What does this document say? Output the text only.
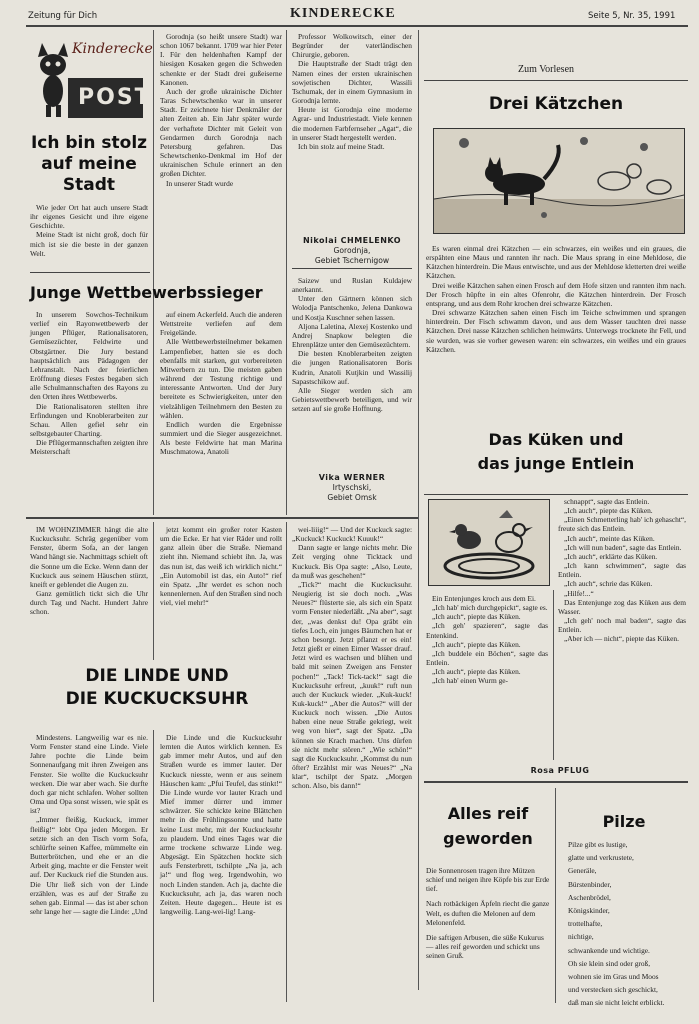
Zeitung für Dich	KINDERECKE	Seite 5, Nr. 35, 1991
Kinderecke
POST
Ich bin stolz auf meine Stadt

Wie jeder Ort hat auch unsere Stadt ihr eigenes Gesicht und ihre eigene Geschichte.

Meine Stadt ist nicht groß, doch für mich ist sie die beste in der ganzen Welt.

Gorodnja (so heißt unsere Stadt) war schon 1067 bekannt. 1709 war hier Peter I. Für den heldenhaften Kampf der hiesigen Kosaken gegen die Schweden schenkte er der Stadt drei gußeiserne Kanonen.

Auch der große ukrainische Dichter Taras Schewtschenko war in unserer Stadt. Er zeichnete hier Denkmäler der alten Zeiten ab. Ein Jahr später wurde der verhaftete Dichter mit Geleit von Gendarmen durch Gorodnja nach Petersburg gefahren. Das Schewtschenko-Denkmal im Hof der ukrainischen Schule erinnert an den großen Dichter.

In unserer Stadt wurde

Professor Wolkowitsch, einer der Begründer der vaterländischen Chirurgie, geboren.

Die Hauptstraße der Stadt trägt den Namen eines der ersten ukrainischen sowjetischen Dichter, Wassili Tschumak, der in einem Gymnasium in Gorodnja lernte.

Heute ist Gorodnja eine moderne Agrar- und Industriestadt. Viele kennen die modernen Farbfernseher „Agat“, die in unserer Stadt hergestellt werden.

Ich bin stolz auf meine Stadt.

Nikolai CHMELENKO
Gorodnja,
Gebiet Tschernigow
Junge Wettbewerbssieger

In unserem Sowchos-Technikum verlief ein Rayonwettbewerb der jungen Pflüger, Rationalisatoren, Gemüsezüchter, Feldwirte und Obstgärtner. Die Jury bestand hauptsächlich aus Pädagogen der Lehranstalt. Nach der feierlichen Eröffnung dieses Festes begaben sich alle Schulmannschaften des Rayons zu den Orten ihres Wettbewerbs.

Die Rationalisatoren stellten ihre Erfindungen und Knoblerarbeiten zur Schau. Allen gefiel sehr ein selbstgebauter Charting.

Die Pflügermannschaften zeigten ihre Meisterschaft

auf einem Ackerfeld. Auch die anderen Wettstreite verliefen auf dem Freigelände.

Alle Wettbewerbsteilnehmer bekamen Lampenfieber, hatten sie es doch ebenfalls mit starken, gut vorbereiteten Mitwerbern zu tun. Die meisten gaben während der Testung richtige und interessante Antworten. Und der Jury bereitete es Schwierigkeiten, unter den vielzähligen Teilnehmern den Besten zu wählen.

Endlich wurden die Ergebnisse summiert und die Sieger ausgezeichnet. Als beste Feldwirte hat man Marina Muschmatowa, Anatoli

Saizew und Ruslan Kuldajew anerkannt.

Unter den Gärtnern können sich Wolodja Pantschenko, Jelena Dankowa und Kostja Kuschner sehen lassen.

Aljona Laletina, Alexej Kostenko und Andrej Snapkow belegten die Ehrenplätze unter den Gemüsezüchtern.

Die besten Knoblerarbeiten zeigten die jungen Rationalisatoren Boris Kudrin, Anatoli Kutjkin und Wassilij Sapastschikow auf.

Alle Sieger werden sich am Gebietswettbewerb beteiligen, und wir setzen auf sie große Hoffnung.

Vika WERNER
Irtyschski,
Gebiet Omsk

IM WOHNZIMMER hängt die alte Kuckucksuhr. Schräg gegenüber vom Fenster, überm Sofa, an der langen Wand hängt sie. Nachmittags schielt oft die Sonne um die Ecke. Wenn dann der Kuckuck aus seinem Häuschen stürzt, kneift er geblendet die Augen zu.

Ganz gemütlich tickt sich die Uhr durch Tag und Nacht. Hundert Jahre schon.

jetzt kommt ein großer roter Kasten um die Ecke. Er hat vier Räder und rollt ganz allein über die Straße. Niemand zieht ihn. Niemand schiebt ihn. Ja, was das nun ist, das weiß ich wirklich nicht.“ „Ein Automobil ist das, ein Auto!“ rief ein Spatz. „Ihr werdet es schon noch kennenlernen. Auf den Straßen sind noch viel, viel mehr!“

wei-liiig!“ — Und der Kuckuck sagte: „Kuckuck! Kuckuck! Kuuuk!“

Dann sagte er lange nichts mehr. Die Zeit verging ohne Ticktack und Kuckuck. Bis Opa sagte: „Also, Leute, da muß was geschehen!“

„Tick?“ macht die Kuckucksuhr. Neugierig ist sie doch noch. „Was Neues?“ flüsterte sie, als sich ein Spatz vorm Fenster niederläßt. „Na aber“, sagt der, „was denkst du! Opa gräbt ein tiefes Loch, ein junges Bäumchen hat er schon besorgt. Jetzt pflanzt er es ein! Jetzt gießt er einen Eimer Wasser drauf. Jetzt wird es wachsen und blühen und bald mit seinen Zweigen ans Fenster pochen!“ „Tack! Tick-tack!“ sagt die Kuckucksuhr erfreut, „kuuk!“ ruft nun auch der Kuckuck wieder. „Kuk-kuck! Kuk-kuck!“ „Aber die Autos?“ will der Kuckuck noch wissen. „Die Autos haben eine neue Straße gekriegt, weit weg von hier“, sagt der Spatz. „Da können sie Krach machen. Uns dürfen sie nicht mehr stören.“ „Wie schön!“ sagt die Kuckucksuhr. „Kommst du nun öfter? Erzählst mir was Neues?“ „Na klar“, tschilpt der Spatz. „Morgen schon. Also, bis dann!“

DIE LINDE UND
DIE KUCKUCKSUHR

Mindestens. Langweilig war es nie. Vorm Fenster stand eine Linde. Viele Jahre pochte die Linde beim Sonnenaufgang mit ihren Zweigen ans Fenster. Sie wollte die Kuckucksuhr wecken. Die war aber wach. Sie durfte doch gar nicht schlafen. Woher sollten Oma und Opa sonst wissen, wie spät es ist?

„Immer fleißig, Kuckuck, immer fleißig!“ lobt Opa jeden Morgen. Er setzte sich an den Tisch vorm Sofa, schlürfte seinen Kaffee, mümmelte ein Butterbrötchen, und ehe er an die Arbeit ging, machte er die Fenster weit auf. Der Kuckuck rief die Stunden aus. Die Uhr ließ sich von der Linde erzählen, was es auf der Straße zu sehen gab. Einmal — das ist aber schon sehr lange her — sagte die Linde: „Und

Die Linde und die Kuckucksuhr lernten die Autos wirklich kennen. Es gab immer mehr Autos, und auf den Straßen wurde es immer lauter. Der Kuckuck niesste, wenn er aus seinem Häuschen kam: „Pfui Teufel, das stinkt!“ Die Linde wurde vor lauter Krach und Mief immer dürrer und immer schwärzer. Sie schickte keine Blättchen mehr in die Frühlingssonne und hatte keine Lust mehr, mit der Kuckucksuhr zu plaudern. Und eines Tages war die arme trockene schwarze Linde weg. Abgesägt. Ein Spätzchen hockte sich aufs Fensterbrett, tschilpte „Na ja, ach ja!“ und flog weg. Irgendwohin, wo noch Linden standen. Ach ja, dachte die Kuckucksuhr, ach ja, das waren noch Zeiten. Heute dagegen... Heute ist es langweilig. Lang-wei-lig! Lang-

Zum Vorlesen
Drei Kätzchen

Es waren einmal drei Kätzchen — ein schwarzes, ein weißes und ein graues, die erspähten eine Maus und rannten ihr nach. Die Maus sprang in eine Mehldose, die Kätzchen hinterdrein. Die Maus entwischte, und aus der Mehldose kletterten drei weiße Kätzchen.

Drei weiße Kätzchen sahen einen Frosch auf dem Hofe sitzen und rannten ihm nach. Der Frosch hüpfte in ein altes Ofenrohr, die Kätzchen hinterdrein. Der Frosch entsprang, und aus dem Rohr krochen drei schwarze Kätzchen.

Drei schwarze Kätzchen sahen einen Fisch im Teiche schwimmen und sprangen hinterdrein. Der Fisch schwamm davon, und aus dem Wasser tauchten drei nasse Kätzchen. Drei nasse Kätzchen schlichen heimwärts. Unterwegs trocknete ihr Fell, und sie wurden, was sie vorher gewesen waren: ein schwarzes, ein weißes und ein graues Kätzchen.

Das Küken und
das junge Entlein

Ein Entenjunges kroch aus dem Ei.

„Ich hab' mich durchgepickt“, sagte es.

„Ich auch“, piepte das Küken.

„Ich geh' spazieren“, sagte das Entenkind.

„Ich auch“, piepte das Küken.

„Ich buddele ein Böchen“, sagte das Entlein.

„Ich auch“, piepte das Küken.

„Ich hab' einen Wurm ge-

schnappt“, sagte das Entlein.

„Ich auch“, piepte das Küken.

„Einen Schmetterling hab' ich gehascht“, freute sich das Entlein.

„Ich auch“, meinte das Küken.

„Ich will nun baden“, sagte das Entlein.

„Ich auch“, erklärte das Küken.

„Ich kann schwimmen“, sagte das Entlein.

„Ich auch“, schrie das Küken.

„Hilfe!...“

Das Entenjunge zog das Küken aus dem Wasser.

„Ich geh' noch mal baden“, sagte das Entlein.

„Aber ich — nicht“, piepte das Küken.

Rosa PFLUG
Alles reif
geworden

Die Sonnenrosen tragen ihre Mützen schief und neigen ihre Köpfe bis zur Erde tief.

Nach rotbäckigen Äpfeln riecht die ganze Welt, es duften die Melonen auf dem Melonenfeld.

Die saftigen Arbusen, die süße Kukurus — alles reif geworden und schickt uns seinen Gruß.

Pilze
Pilze gibt es lustige,
glatte und verkrustete,
Generäle,
Bürstenbinder,
Aschenbrödel,
Königskinder,
trottelhafte,
nichtige,
schwankende und wichtige.
Oh sie klein sind oder groß,
wohnen sie im Gras und Moos
und verstecken sich geschickt,
daß man sie nicht leicht erblickt.
